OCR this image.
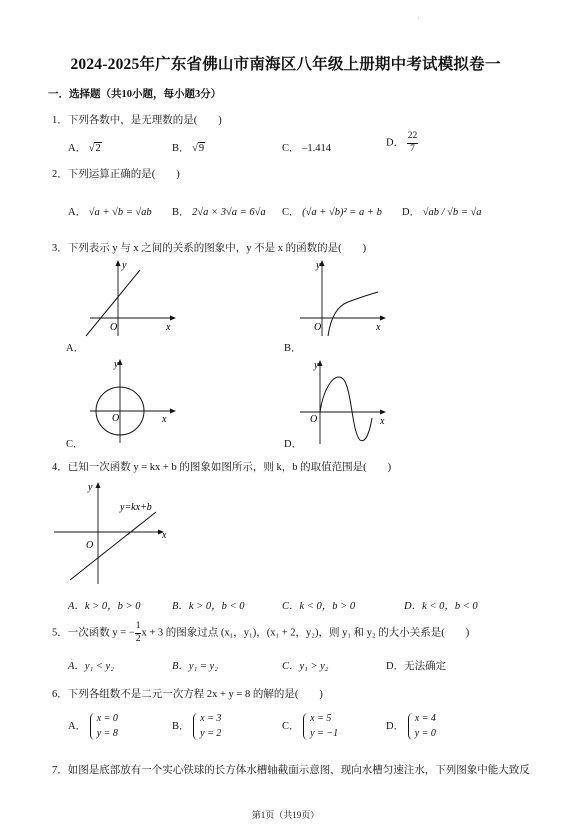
·
2024-2025年广东省佛山市南海区八年级上册期中考试模拟卷一
一．选择题（共10小题，每小题3分）
1．下列各数中，是无理数的是(　　)
A． √2	B． √9	C． –1.414
D． $\frac{22}{7}$
2．下列运算正确的是(　　)
A． √a + √b = √ab B． 2√a × 3√a = 6√a C． (√a + √b)² = a + b D． √ab / √b = √a
3．下列表示 y 与 x 之间的关系的图象中，y 不是 x 的函数的是(　　)
y
x
O
A．
y
x
O
B．
y
x
O
C．
y
x
O
D．
4．已知一次函数 y = kx + b 的图象如图所示，则 k，b 的取值范围是(　　)
y
x
O
y=kx+b
A．k > 0，b > 0	B．k > 0，b < 0	C．k < 0，b > 0	D．k < 0，b < 0
5．一次函数 y = − $\frac{1}{2}$ x + 3 的图象过点 (x₁，y₁)，(x₁ + 2，y₂)，则 y₁ 和 y₂ 的大小关系是(　　)
A．y₁ < y₂	B．y₁ = y₂	C．y₁ > y₂	D．无法确定
6．下列各组数不是二元一次方程 2x + y = 8 的解的是(　　)
A．
x = 0
y = 8
B．
x = 3
y = 2
C．
x = 5
y = −1
D．
x = 4
y = 0
7．如图是底部放有一个实心铁球的长方体水槽轴截面示意图，现向水槽匀速注水，下列图象中能大致反
第1页（共19页）
